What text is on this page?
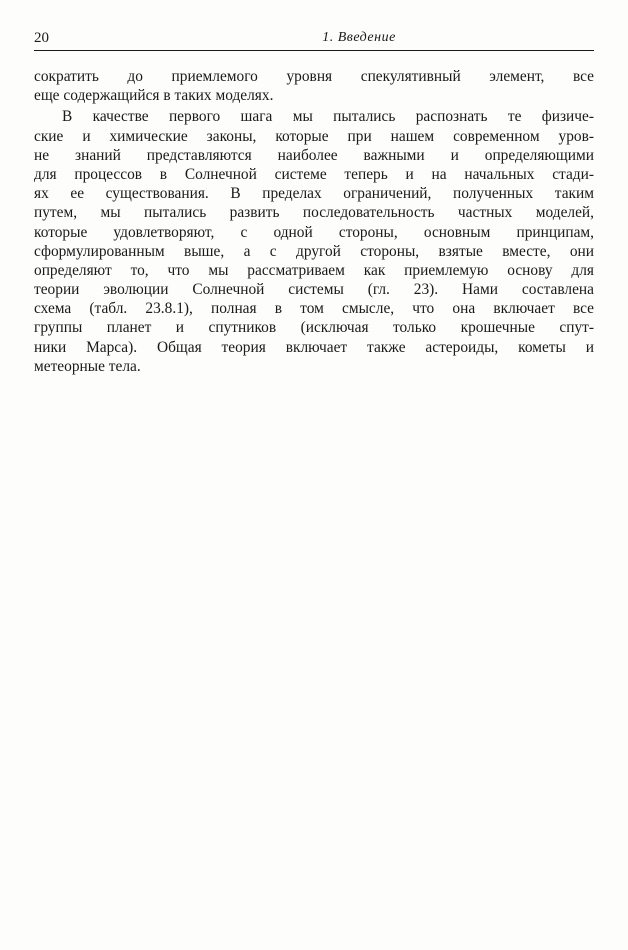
20	1. Введение
сократить до приемлемого уровня спекулятивный элемент, все
еще содержащийся в таких моделях.
В качестве первого шага мы пытались распознать те физиче-
ские и химические законы, которые при нашем современном уров-
не знаний представляются наиболее важными и определяющими
для процессов в Солнечной системе теперь и на начальных стади-
ях ее существования. В пределах ограничений, полученных таким
путем, мы пытались развить последовательность частных моделей,
которые удовлетворяют, с одной стороны, основным принципам,
сформулированным выше, а с другой стороны, взятые вместе, они
определяют то, что мы рассматриваем как приемлемую основу для
теории эволюции Солнечной системы (гл. 23). Нами составлена
схема (табл. 23.8.1), полная в том смысле, что она включает все
группы планет и спутников (исключая только крошечные спут-
ники Марса). Общая теория включает также астероиды, кометы и
метеорные тела.
